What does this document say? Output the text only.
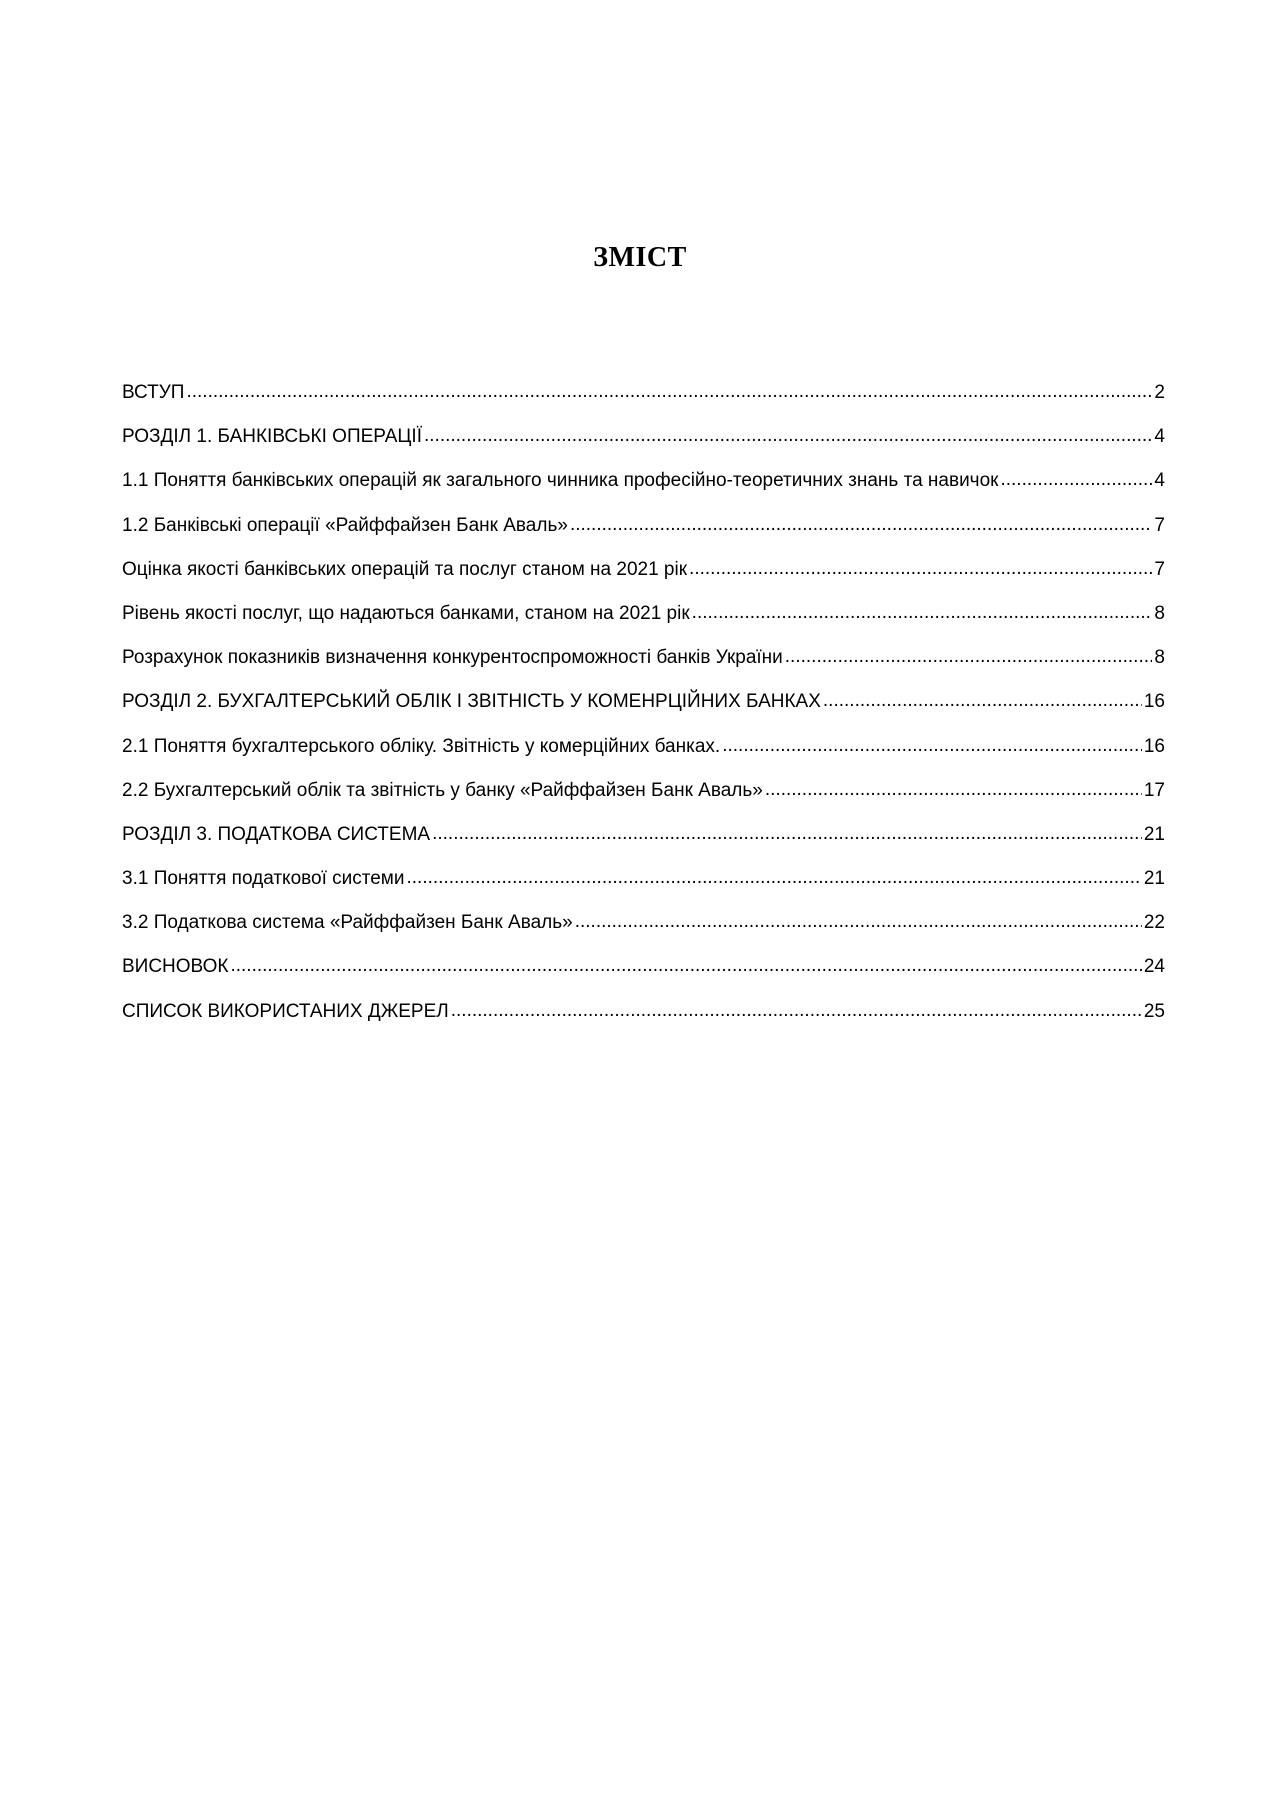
ЗМІСТ
ВСТУП .....	2
РОЗДІЛ 1. БАНКІВСЬКІ ОПЕРАЦІЇ .....	4
1.1 Поняття банківських операцій як загального чинника професійно-теоретичних знань та навичок .....	4
1.2 Банківські операції «Райффайзен Банк Аваль» .....	7
Оцінка якості банківських операцій та послуг станом на 2021 рік .....	7
Рівень якості послуг, що надаються банками, станом на 2021 рік .....	8
Розрахунок показників визначення конкурентоспроможності банків України .....	8
РОЗДІЛ 2. БУХГАЛТЕРСЬКИЙ ОБЛІК І ЗВІТНІСТЬ У КОМЕНРЦІЙНИХ БАНКАХ .....	16
2.1 Поняття бухгалтерського обліку. Звітність у комерційних банках. .....	16
2.2 Бухгалтерський облік та звітність у банку «Райффайзен Банк Аваль» .....	17
РОЗДІЛ 3. ПОДАТКОВА СИСТЕМА .....	21
3.1 Поняття податкової системи .....	21
3.2 Податкова система «Райффайзен Банк Аваль» .....	22
ВИСНОВОК .....	24
СПИСОК ВИКОРИСТАНИХ ДЖЕРЕЛ .....	25
